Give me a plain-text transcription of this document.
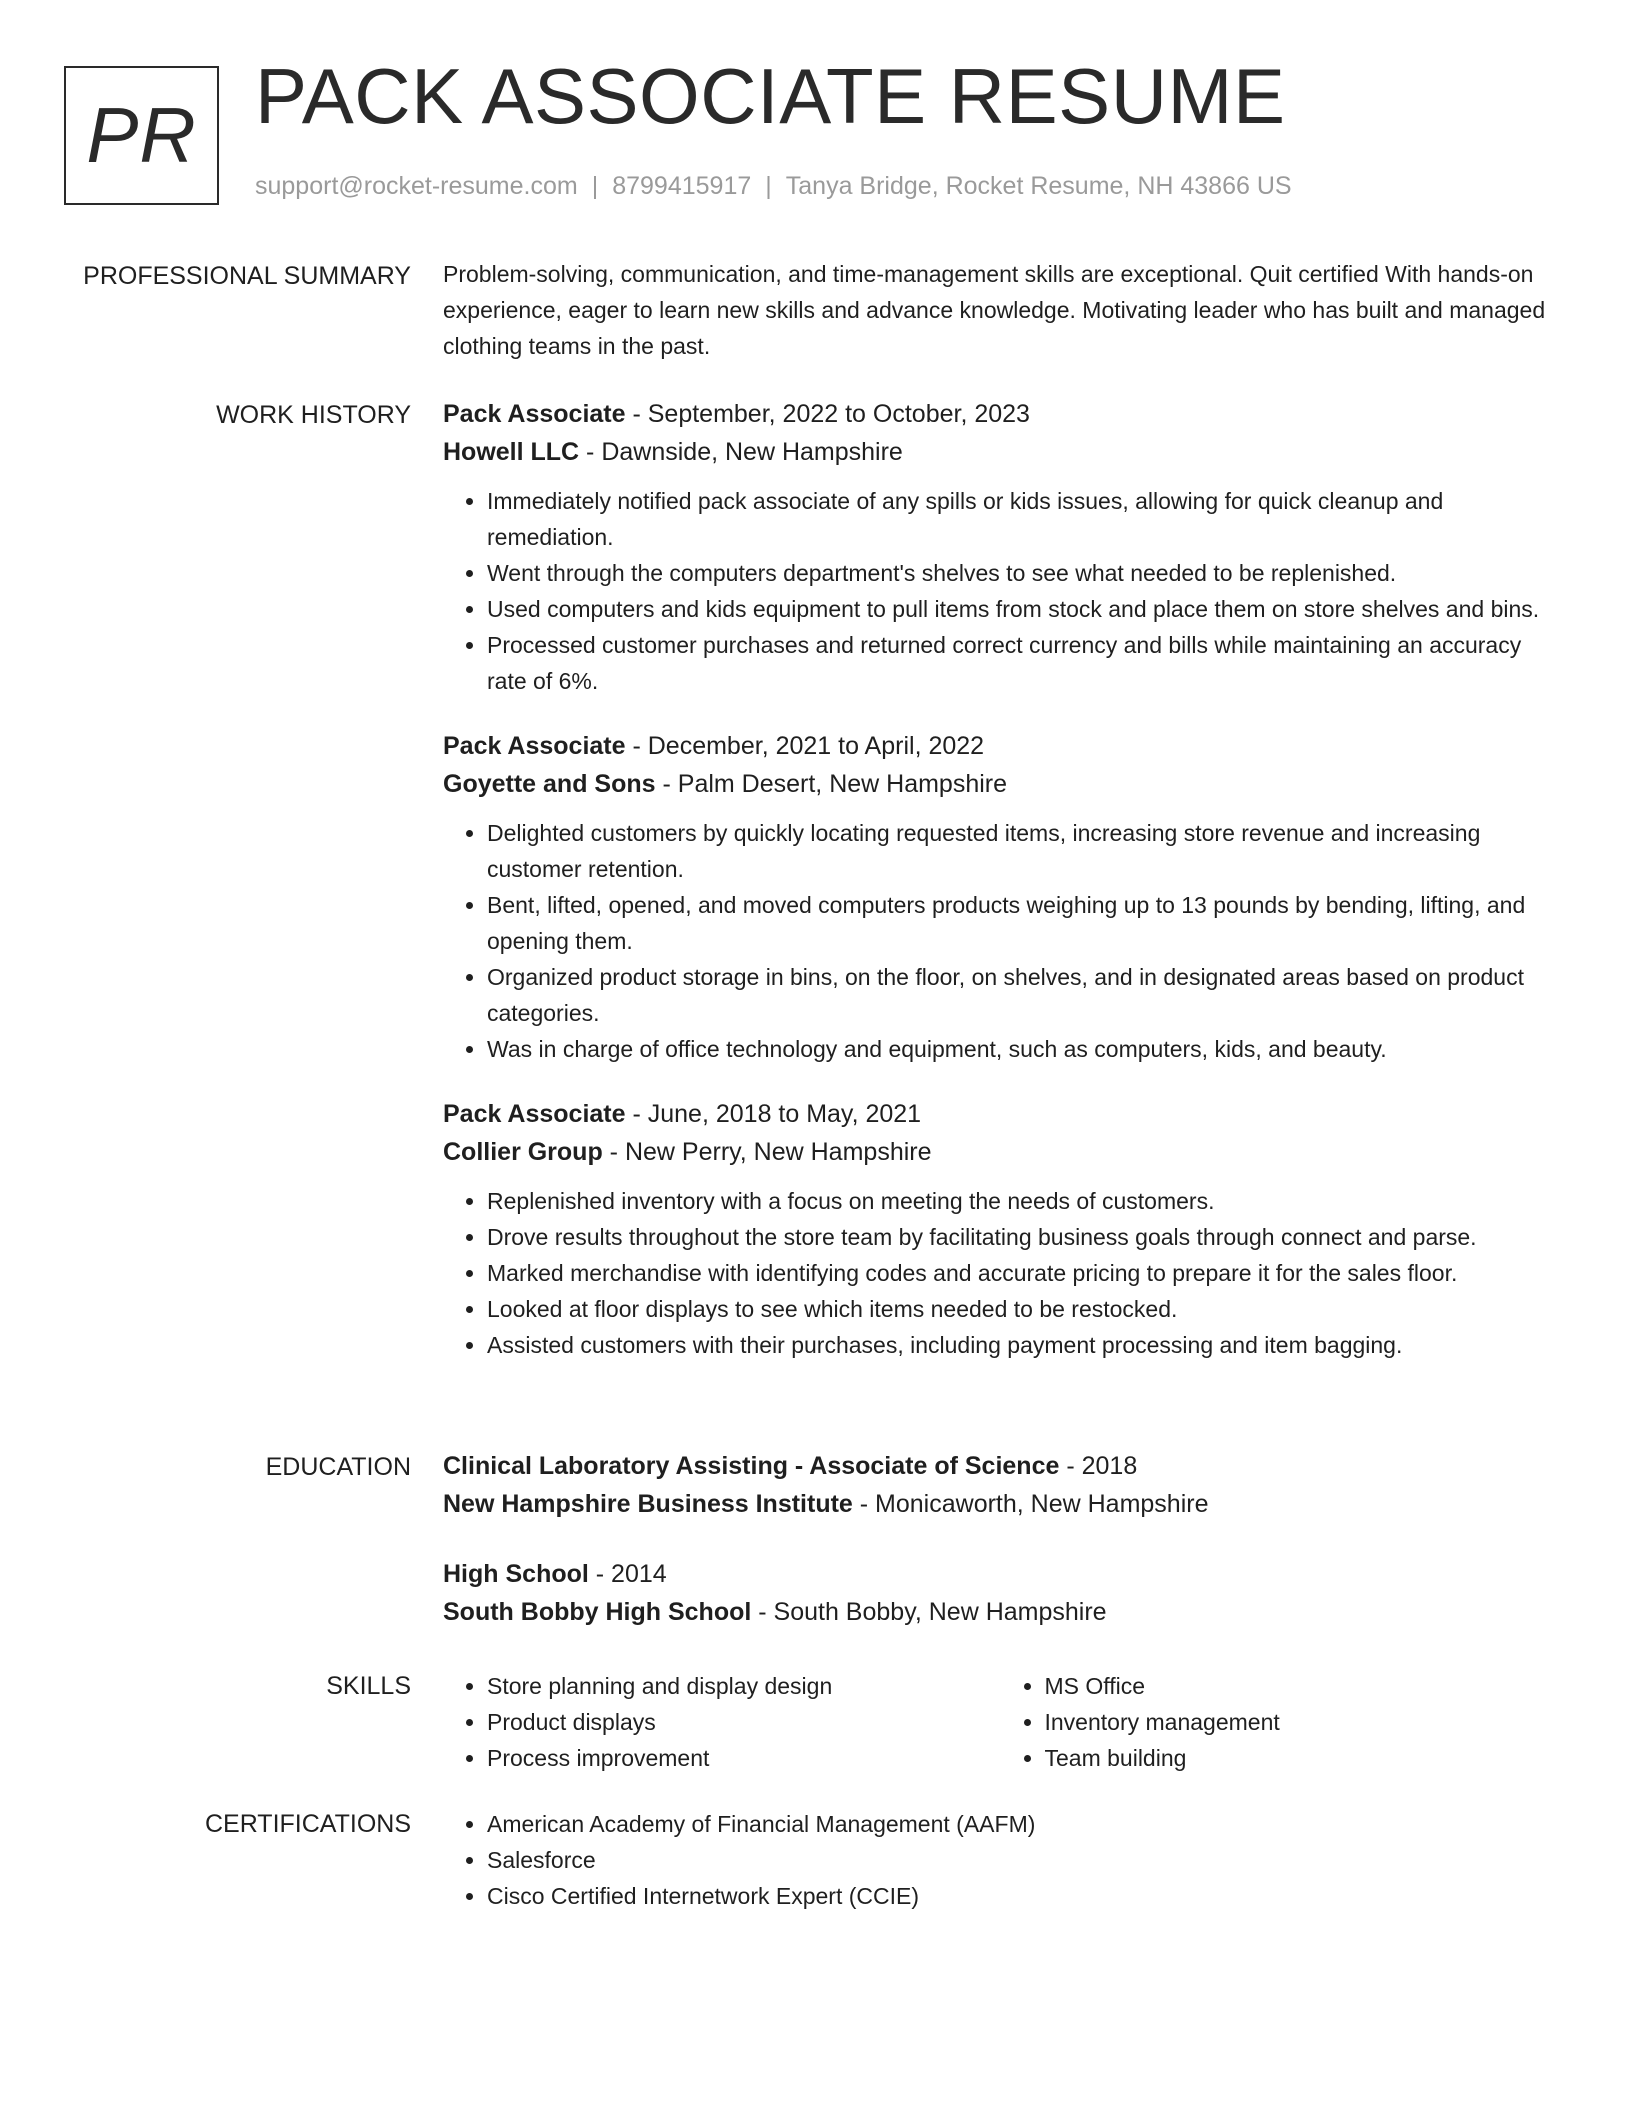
PR PACK ASSOCIATE RESUME
support@rocket-resume.com | 8799415917 | Tanya Bridge, Rocket Resume, NH 43866 US
PROFESSIONAL SUMMARY Problem-solving, communication, and time-management skills are exceptional. Quit certified With hands-on experience, eager to learn new skills and advance knowledge. Motivating leader who has built and managed clothing teams in the past.

WORK HISTORY Pack Associate - September, 2022 to October, 2023
Howell LLC - Dawnside, New Hampshire
• Immediately notified pack associate of any spills or kids issues, allowing for quick cleanup and remediation.
• Went through the computers department's shelves to see what needed to be replenished.
• Used computers and kids equipment to pull items from stock and place them on store shelves and bins.
• Processed customer purchases and returned correct currency and bills while maintaining an accuracy rate of 6%.
Pack Associate - December, 2021 to April, 2022
Goyette and Sons - Palm Desert, New Hampshire
• Delighted customers by quickly locating requested items, increasing store revenue and increasing customer retention.
• Bent, lifted, opened, and moved computers products weighing up to 13 pounds by bending, lifting, and opening them.
• Organized product storage in bins, on the floor, on shelves, and in designated areas based on product categories.
• Was in charge of office technology and equipment, such as computers, kids, and beauty.
Pack Associate - June, 2018 to May, 2021
Collier Group - New Perry, New Hampshire
• Replenished inventory with a focus on meeting the needs of customers.
• Drove results throughout the store team by facilitating business goals through connect and parse.
• Marked merchandise with identifying codes and accurate pricing to prepare it for the sales floor.
• Looked at floor displays to see which items needed to be restocked.
• Assisted customers with their purchases, including payment processing and item bagging.
EDUCATION Clinical Laboratory Assisting - Associate of Science - 2018
New Hampshire Business Institute - Monicaworth, New Hampshire
High School - 2014
South Bobby High School - South Bobby, New Hampshire
SKILLS	• Store planning and display design
• Product displays
• Process improvement
• MS Office
• Inventory management
• Team building
CERTIFICATIONS	• American Academy of Financial Management (AAFM)
• Salesforce
• Cisco Certified Internetwork Expert (CCIE)
